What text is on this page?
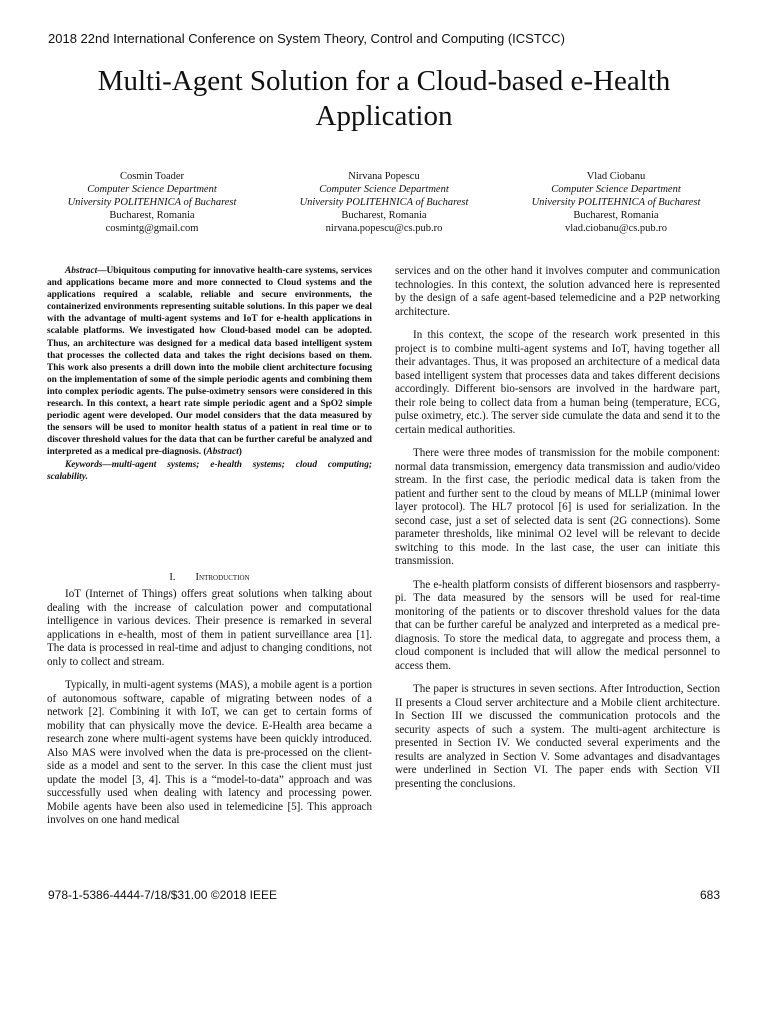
2018 22nd International Conference on System Theory, Control and Computing (ICSTCC)
Multi-Agent Solution for a Cloud-based e-Health Application
Cosmin Toader
Computer Science Department
University POLITEHNICA of Bucharest
Bucharest, Romania
cosmintg@gmail.com
Nirvana Popescu
Computer Science Department
University POLITEHNICA of Bucharest
Bucharest, Romania
nirvana.popescu@cs.pub.ro
Vlad Ciobanu
Computer Science Department
University POLITEHNICA of Bucharest
Bucharest, Romania
vlad.ciobanu@cs.pub.ro

Abstract—Ubiquitous computing for innovative health-care systems, services and applications became more and more connected to Cloud systems and the applications required a scalable, reliable and secure environments, the containerized environments representing suitable solutions. In this paper we deal with the advantage of multi-agent systems and IoT for e-health applications in scalable platforms. We investigated how Cloud-based model can be adopted. Thus, an architecture was designed for a medical data based intelligent system that processes the collected data and takes the right decisions based on them. This work also presents a drill down into the mobile client architecture focusing on the implementation of some of the simple periodic agents and combining them into complex periodic agents. The pulse-oximetry sensors were considered in this research. In this context, a heart rate simple periodic agent and a SpO2 simple periodic agent were developed. Our model considers that the data measured by the sensors will be used to monitor health status of a patient in real time or to discover threshold values for the data that can be further careful be analyzed and interpreted as a medical pre-diagnosis. (Abstract)

Keywords—multi-agent systems; e-health systems; cloud computing; scalability.

I. Introduction

IoT (Internet of Things) offers great solutions when talking about dealing with the increase of calculation power and computational intelligence in various devices. Their presence is remarked in several applications in e-health, most of them in patient surveillance area [1]. The data is processed in real-time and adjust to changing conditions, not only to collect and stream.

Typically, in multi-agent systems (MAS), a mobile agent is a portion of autonomous software, capable of migrating between nodes of a network [2]. Combining it with IoT, we can get to certain forms of mobility that can physically move the device. E-Health area became a research zone where multi-agent systems have been quickly introduced. Also MAS were involved when the data is pre-processed on the client-side as a model and sent to the server. In this case the client must just update the model [3, 4]. This is a “model-to-data” approach and was successfully used when dealing with latency and processing power. Mobile agents have been also used in telemedicine [5]. This approach involves on one hand medical

services and on the other hand it involves computer and communication technologies. In this context, the solution advanced here is represented by the design of a safe agent-based telemedicine and a P2P networking architecture.

In this context, the scope of the research work presented in this project is to combine multi-agent systems and IoT, having together all their advantages. Thus, it was proposed an architecture of a medical data based intelligent system that processes data and takes different decisions accordingly. Different bio-sensors are involved in the hardware part, their role being to collect data from a human being (temperature, ECG, pulse oximetry, etc.). The server side cumulate the data and send it to the certain medical authorities.

There were three modes of transmission for the mobile component: normal data transmission, emergency data transmission and audio/video stream. In the first case, the periodic medical data is taken from the patient and further sent to the cloud by means of MLLP (minimal lower layer protocol). The HL7 protocol [6] is used for serialization. In the second case, just a set of selected data is sent (2G connections). Some parameter thresholds, like minimal O2 level will be relevant to decide switching to this mode. In the last case, the user can initiate this transmission.

The e-health platform consists of different biosensors and raspberry-pi. The data measured by the sensors will be used for real-time monitoring of the patients or to discover threshold values for the data that can be further careful be analyzed and interpreted as a medical pre-diagnosis. To store the medical data, to aggregate and process them, a cloud component is included that will allow the medical personnel to access them.

The paper is structures in seven sections. After Introduction, Section II presents a Cloud server architecture and a Mobile client architecture. In Section III we discussed the communication protocols and the security aspects of such a system. The multi-agent architecture is presented in Section IV. We conducted several experiments and the results are analyzed in Section V. Some advantages and disadvantages were underlined in Section VI. The paper ends with Section VII presenting the conclusions.

978-1-5386-4444-7/18/$31.00 ©2018 IEEE	683
